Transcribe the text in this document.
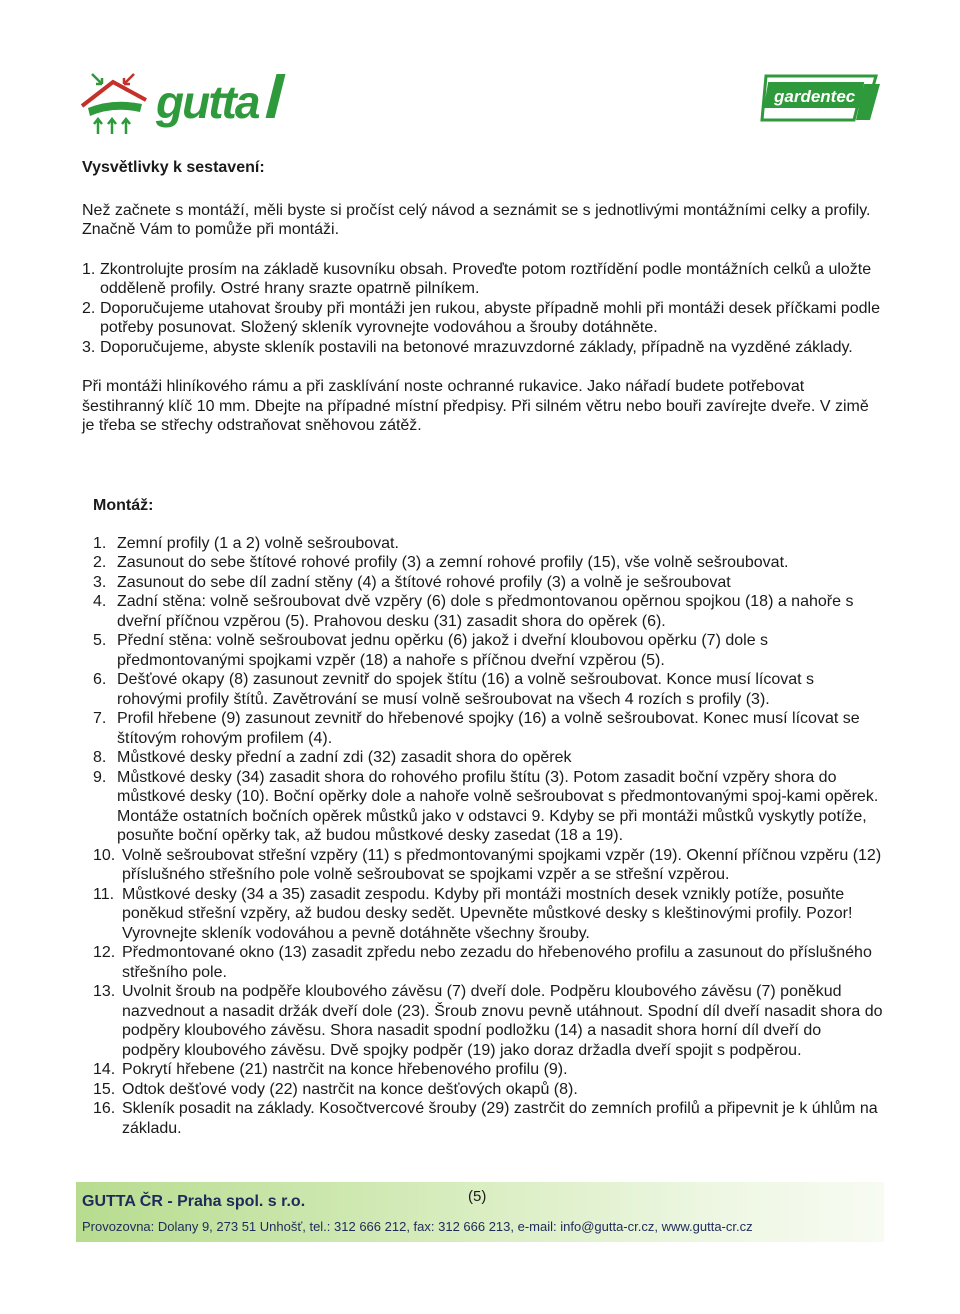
gutta	gardentec
Vysvětlivky k sestavení:

Než začnete s montáží, měli byste si pročíst celý návod a seznámit se s jednotlivými montážními celky a profily. Značně Vám to pomůže při montáži.

1. Zkontrolujte prosím na základě kusovníku obsah. Proveďte potom roztřídění podle montážních celků a uložte odděleně profily. Ostré hrany srazte opatrně pilníkem.
2. Doporučujeme utahovat šrouby při montáži jen rukou, abyste případně mohli při montáži desek příčkami podle potřeby posunovat. Složený skleník vyrovnejte vodováhou a šrouby dotáhněte.
3. Doporučujeme, abyste skleník postavili na betonové mrazuvzdorné základy, případně na vyzděné základy.

Při montáži hliníkového rámu a při zasklívání noste ochranné rukavice. Jako nářadí budete potřebovat šestihranný klíč 10 mm. Dbejte na případné místní předpisy. Při silném větru nebo bouři zavírejte dveře. V zimě je třeba se střechy odstraňovat sněhovou zátěž.

Montáž:
1. Zemní profily (1 a 2) volně sešroubovat.
2. Zasunout do sebe štítové rohové profily (3) a zemní rohové profily (15), vše volně sešroubovat.
3. Zasunout do sebe díl zadní stěny (4) a štítové rohové profily (3) a volně je sešroubovat
4. Zadní stěna: volně sešroubovat dvě vzpěry (6) dole s předmontovanou opěrnou spojkou (18) a nahoře s dveřní příčnou vzpěrou (5). Prahovou desku (31) zasadit shora do opěrek (6).
5. Přední stěna: volně sešroubovat jednu opěrku (6) jakož i dveřní kloubovou opěrku (7) dole s předmontovanými spojkami vzpěr (18) a nahoře s příčnou dveřní vzpěrou (5).
6. Dešťové okapy (8) zasunout zevnitř do spojek štítu (16) a volně sešroubovat. Konce musí lícovat s rohovými profily štítů. Zavětrování se musí volně sešroubovat na všech 4 rozích s profily (3).
7. Profil hřebene (9) zasunout zevnitř do hřebenové spojky (16) a volně sešroubovat. Konec musí lícovat se štítovým rohovým profilem (4).
8. Můstkové desky přední a zadní zdi (32) zasadit shora do opěrek
9. Můstkové desky (34) zasadit shora do rohového profilu štítu (3). Potom zasadit boční vzpěry shora do můstkové desky (10). Boční opěrky dole a nahoře volně sešroubovat s předmontovanými spoj-kami opěrek. Montáže ostatních bočních opěrek můstků jako v odstavci 9. Kdyby se při montáži můstků vyskytly potíže, posuňte boční opěrky tak, až budou můstkové desky zasedat (18 a 19).
10. Volně sešroubovat střešní vzpěry (11) s předmontovanými spojkami vzpěr (19). Okenní příčnou vzpěru (12) příslušného střešního pole volně sešroubovat se spojkami vzpěr a se střešní vzpěrou.
11. Můstkové desky (34 a 35) zasadit zespodu. Kdyby při montáži mostních desek vznikly potíže, posuňte poněkud střešní vzpěry, až budou desky sedět. Upevněte můstkové desky s kleštinovými profily. Pozor! Vyrovnejte skleník vodováhou a pevně dotáhněte všechny šrouby.
12. Předmontované okno (13) zasadit zpředu nebo zezadu do hřebenového profilu a zasunout do příslušného střešního pole.
13. Uvolnit šroub na podpěře kloubového závěsu (7) dveří dole. Podpěru kloubového závěsu (7) poněkud nazvednout a nasadit držák dveří dole (23). Šroub znovu pevně utáhnout. Spodní díl dveří nasadit shora do podpěry kloubového závěsu. Shora nasadit spodní podložku (14) a nasadit shora horní díl dveří do podpěry kloubového závěsu. Dvě spojky podpěr (19) jako doraz držadla dveří spojit s podpěrou.
14. Pokrytí hřebene (21) nastrčit na konce hřebenového profilu (9).
15. Odtok dešťové vody (22) nastrčit na konce dešťových okapů (8).
16. Skleník posadit na základy. Kosočtvercové šrouby (29) zastrčit do zemních profilů a připevnit je k úhlům na základu.
GUTTA ČR - Praha spol. s r.o.	(5)
Provozovna: Dolany 9, 273 51 Unhošť, tel.: 312 666 212, fax: 312 666 213, e-mail: info@gutta-cr.cz, www.gutta-cr.cz
